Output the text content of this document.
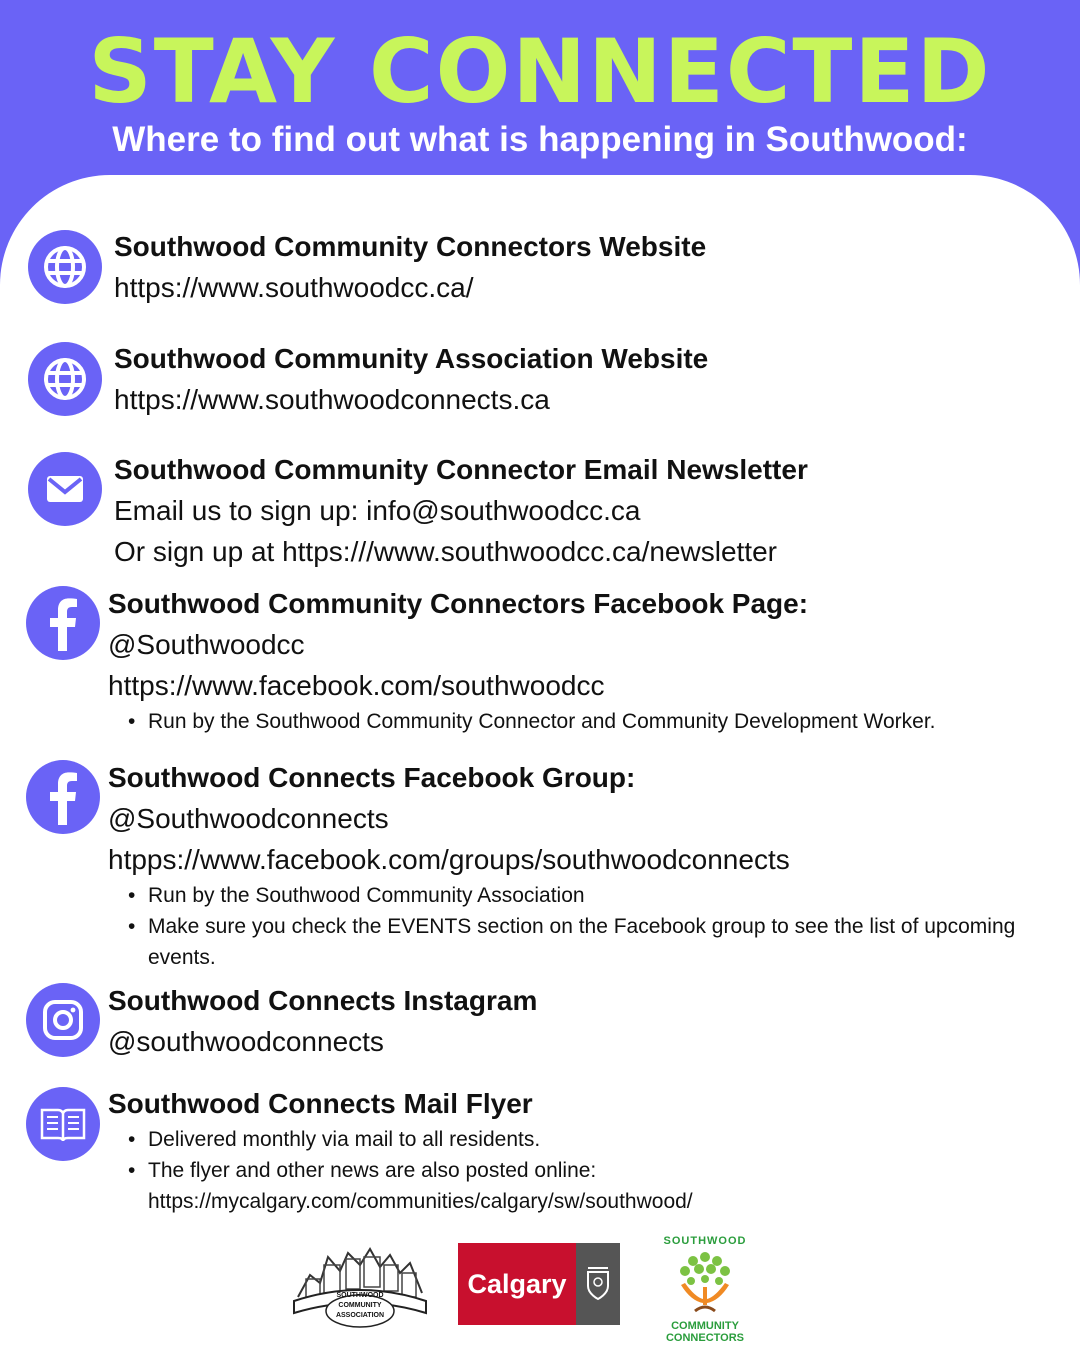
STAY CONNECTED
Where to find out what is happening in Southwood:
Southwood Community Connectors Website
https://www.southwoodcc.ca/
Southwood Community Association Website
https://www.southwoodconnects.ca
Southwood Community Connector Email Newsletter
Email us to sign up: info@southwoodcc.ca
Or sign up at https:///www.southwoodcc.ca/newsletter
Southwood Community Connectors Facebook Page:
@Southwoodcc
https://www.facebook.com/southwoodcc
• Run by the Southwood Community Connector and Community Development Worker.
Southwood Connects Facebook Group:
@Southwoodconnects
htpps://www.facebook.com/groups/southwoodconnects
• Run by the Southwood Community Association
• Make sure you check the EVENTS section on the Facebook group to see the list of upcoming events.
Southwood Connects Instagram
@southwoodconnects
Southwood Connects Mail Flyer
• Delivered monthly via mail to all residents.
• The flyer and other news are also posted online: https://mycalgary.com/communities/calgary/sw/southwood/
SOUTHWOOD COMMUNITY ASSOCIATION
Calgary
SOUTHWOOD
COMMUNITY CONNECTORS
